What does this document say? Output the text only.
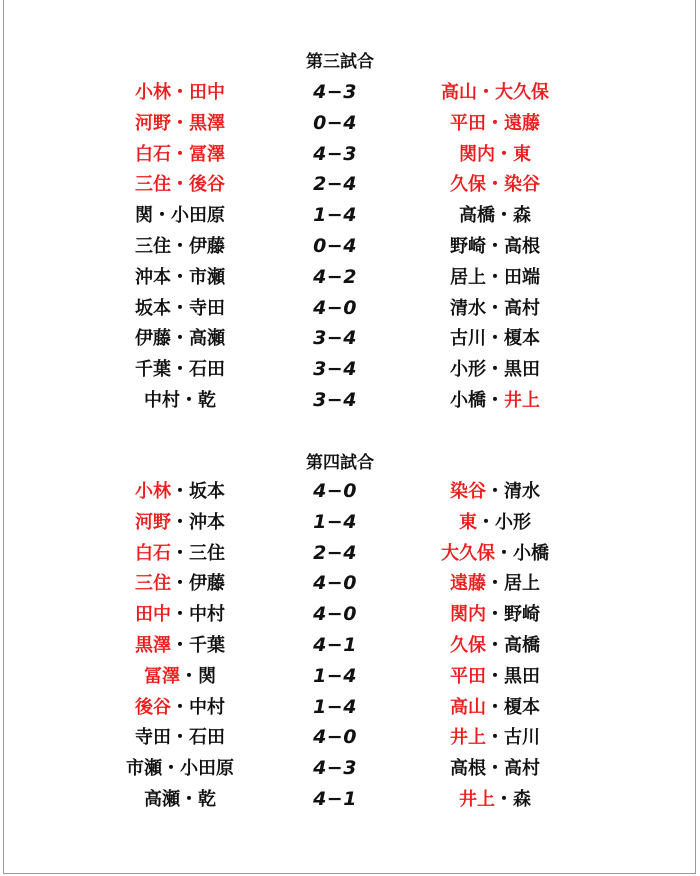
第三試合
小林・田中	4−3	高山・大久保
河野・黒澤	0−4	平田・遠藤
白石・冨澤	4−3	関内・東
三住・後谷	2−4	久保・染谷
関・小田原	1−4	高橋・森
三住・伊藤	0−4	野崎・高根
沖本・市瀬	4−2	居上・田端
坂本・寺田	4−0	清水・高村
伊藤・高瀬	3−4	古川・榎本
千葉・石田	3−4	小形・黒田
中村・乾	3−4	小橋・井上
第四試合
小林・坂本	4−0	染谷・清水
河野・沖本	1−4	東・小形
白石・三住	2−4	大久保・小橋
三住・伊藤	4−0	遠藤・居上
田中・中村	4−0	関内・野崎
黒澤・千葉	4−1	久保・高橋
冨澤・関	1−4	平田・黒田
後谷・中村	1−4	高山・榎本
寺田・石田	4−0	井上・古川
市瀬・小田原	4−3	高根・高村
高瀬・乾	4−1	井上・森
